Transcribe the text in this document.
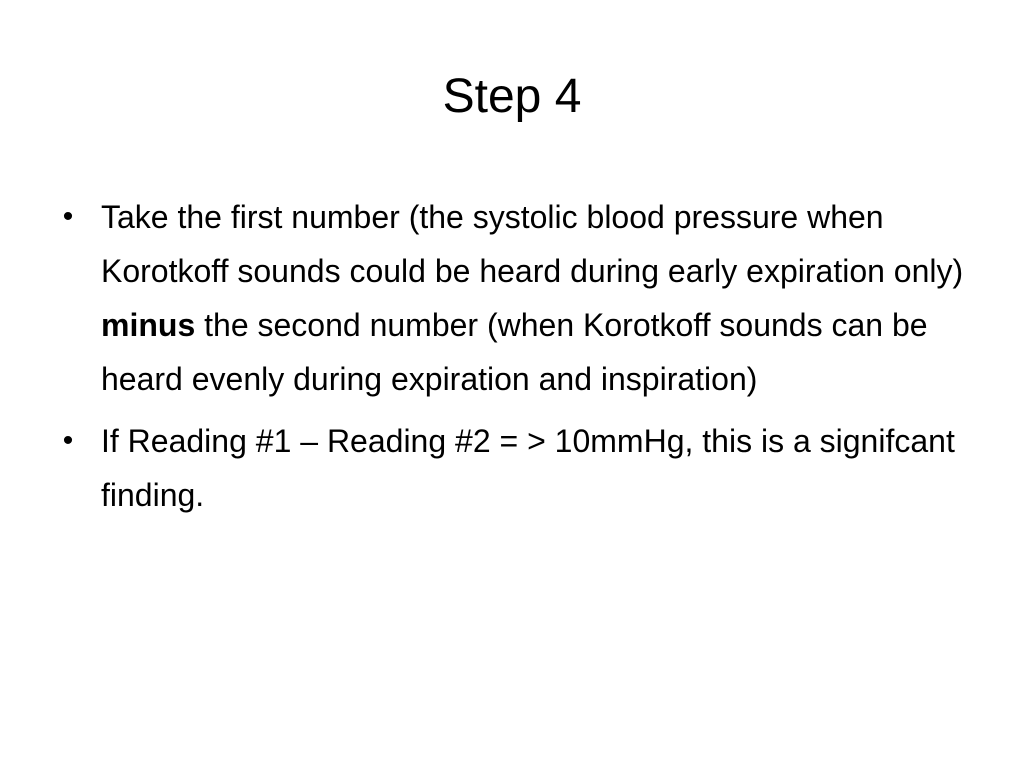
Step 4
• Take the first number (the systolic blood pressure when Korotkoff sounds could be heard during early expiration only) minus the second number (when Korotkoff sounds can be heard evenly during expiration and inspiration)
• If Reading #1 – Reading #2 = > 10mmHg, this is a signifcant finding.
